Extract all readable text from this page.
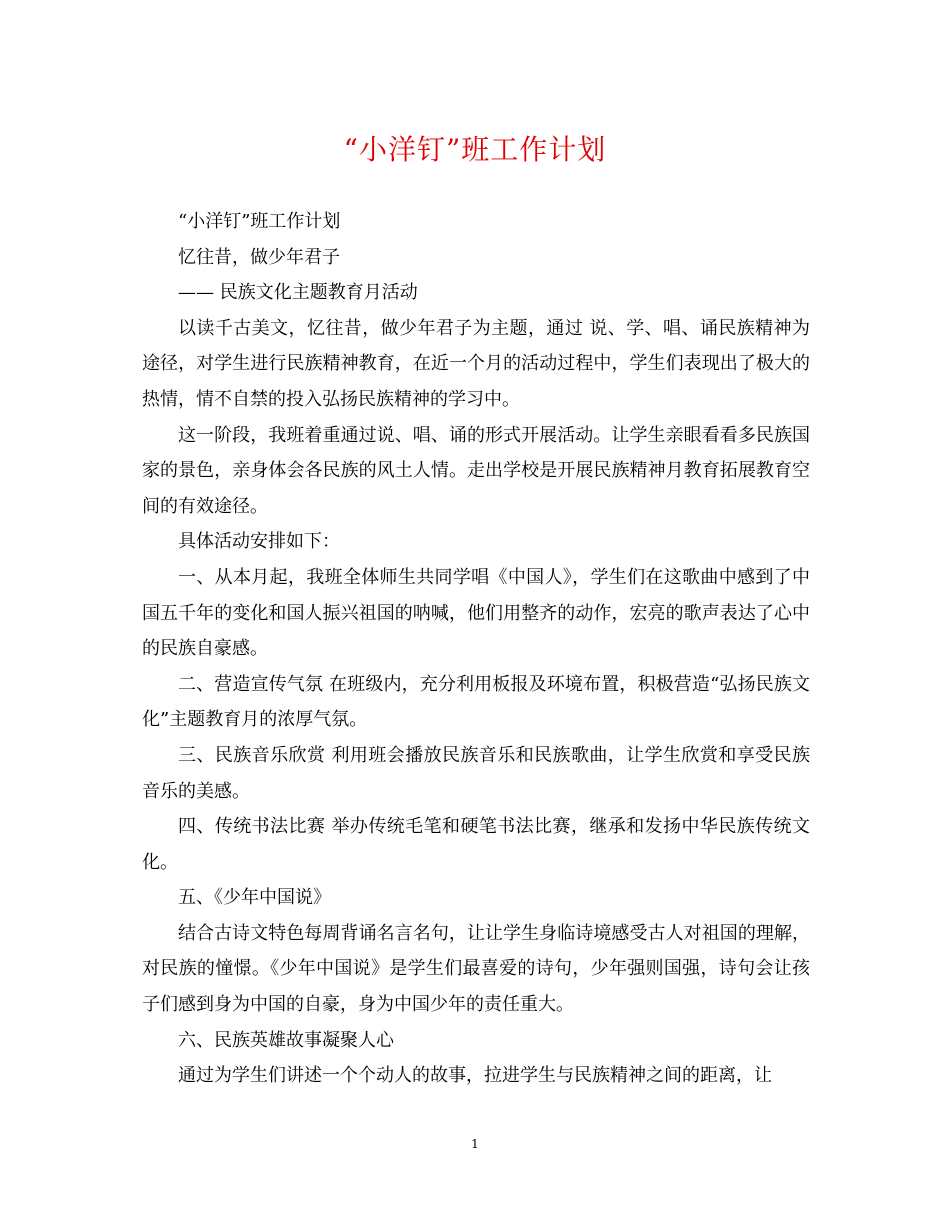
“小洋钉”班工作计划

“小洋钉”班工作计划

忆往昔，做少年君子

—— 民族文化主题教育月活动

以读千古美文，忆往昔，做少年君子为主题，通过 说、学、唱、诵民族精神为途径，对学生进行民族精神教育，在近一个月的活动过程中，学生们表现出了极大的热情，情不自禁的投入弘扬民族精神的学习中。

这一阶段，我班着重通过说、唱、诵的形式开展活动。让学生亲眼看看多民族国家的景色，亲身体会各民族的风土人情。走出学校是开展民族精神月教育拓展教育空间的有效途径。

具体活动安排如下：

一、从本月起，我班全体师生共同学唱《中国人》，学生们在这歌曲中感到了中国五千年的变化和国人振兴祖国的呐喊，他们用整齐的动作，宏亮的歌声表达了心中的民族自豪感。

二、营造宣传气氛 在班级内，充分利用板报及环境布置，积极营造“弘扬民族文化”主题教育月的浓厚气氛。

三、民族音乐欣赏 利用班会播放民族音乐和民族歌曲，让学生欣赏和享受民族音乐的美感。

四、传统书法比赛 举办传统毛笔和硬笔书法比赛，继承和发扬中华民族传统文化。

五、《少年中国说》

结合古诗文特色每周背诵名言名句，让让学生身临诗境感受古人对祖国的理解，对民族的憧憬。《少年中国说》是学生们最喜爱的诗句，少年强则国强，诗句会让孩子们感到身为中国的自豪，身为中国少年的责任重大。

六、民族英雄故事凝聚人心

通过为学生们讲述一个个动人的故事，拉进学生与民族精神之间的距离，让

1
